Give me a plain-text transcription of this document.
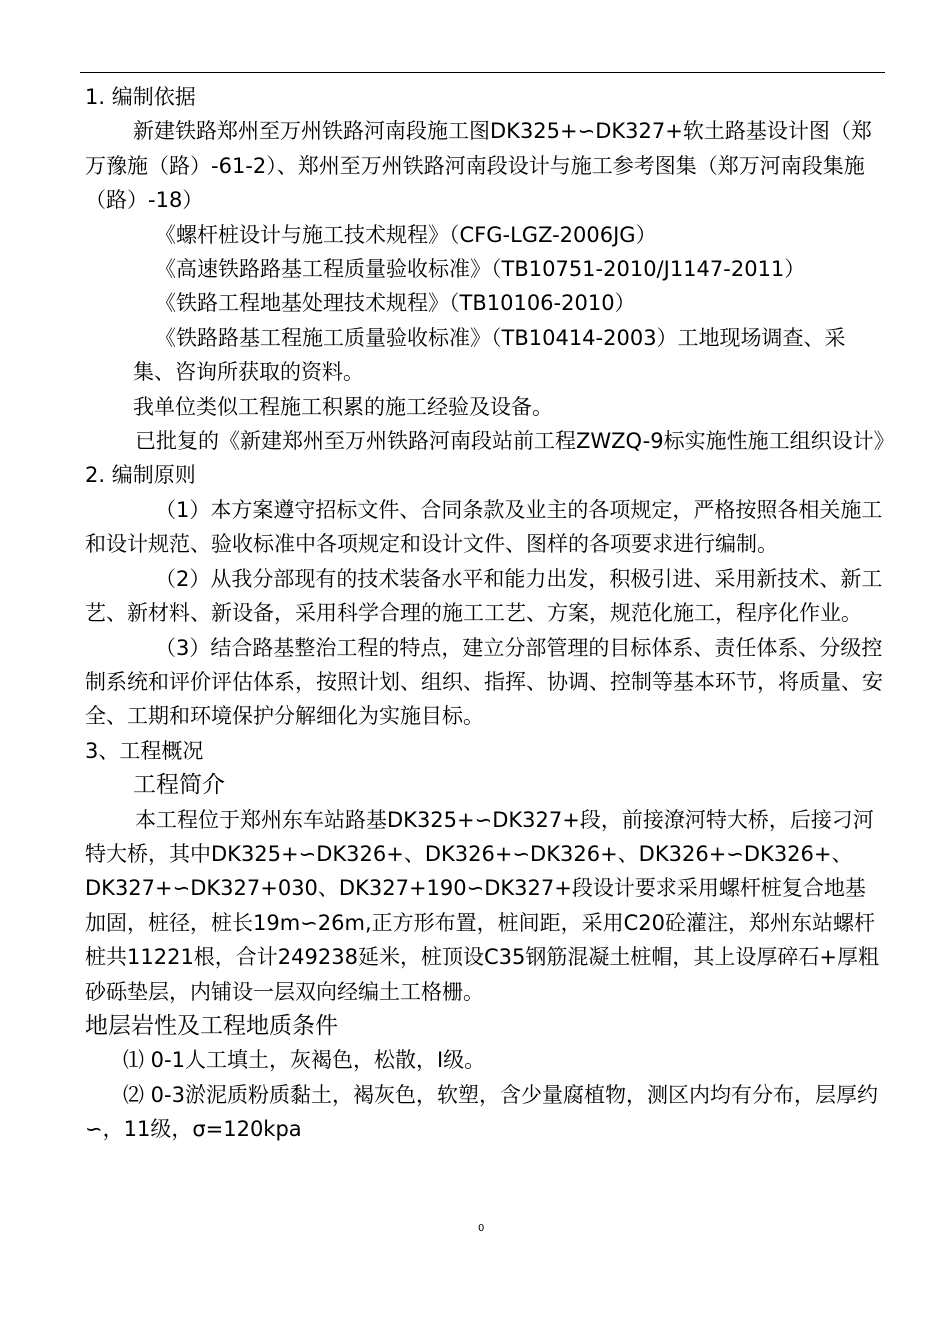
1. 编制依据

新建铁路郑州至万州铁路河南段施工图DK325+∽DK327+软土路基设计图（郑万豫施（路）-61-2）、郑州至万州铁路河南段设计与施工参考图集（郑万河南段集施（路）-18）

《螺杆桩设计与施工技术规程》（CFG-LGZ-2006JG）

《高速铁路路基工程质量验收标准》（TB10751-2010/J1147-2011）

《铁路工程地基处理技术规程》（TB10106-2010）

《铁路路基工程施工质量验收标准》（TB10414-2003）工地现场调查、采集、咨询所获取的资料。

我单位类似工程施工积累的施工经验及设备。

已批复的《新建郑州至万州铁路河南段站前工程ZWZQ-9标实施性施工组织设计》

2. 编制原则

（1）本方案遵守招标文件、合同条款及业主的各项规定，严格按照各相关施工和设计规范、验收标准中各项规定和设计文件、图样的各项要求进行编制。

（2）从我分部现有的技术装备水平和能力出发，积极引进、采用新技术、新工艺、新材料、新设备，采用科学合理的施工工艺、方案，规范化施工，程序化作业。

（3）结合路基整治工程的特点，建立分部管理的目标体系、责任体系、分级控制系统和评价评估体系，按照计划、组织、指挥、协调、控制等基本环节，将质量、安全、工期和环境保护分解细化为实施目标。

3、工程概况

工程简介

本工程位于郑州东车站路基DK325+∽DK327+段，前接潦河特大桥，后接刁河特大桥，其中DK325+∽DK326+、DK326+∽DK326+、DK326+∽DK326+、DK327+∽DK327+030、DK327+190∽DK327+段设计要求采用螺杆桩复合地基加固，桩径，桩长19m∽26m,正方形布置，桩间距，采用C20砼灌注，郑州东站螺杆桩共11221根，合计249238延米，桩顶设C35钢筋混凝土桩帽，其上设厚碎石+厚粗砂砾垫层，内铺设一层双向经编土工格栅。

地层岩性及工程地质条件

⑴ 0-1人工填土，灰褐色，松散，Ⅰ级。

⑵ 0-3淤泥质粉质黏土，褐灰色，软塑，含少量腐植物，测区内均有分布，层厚约∽，11级，σ=120kpa

0
